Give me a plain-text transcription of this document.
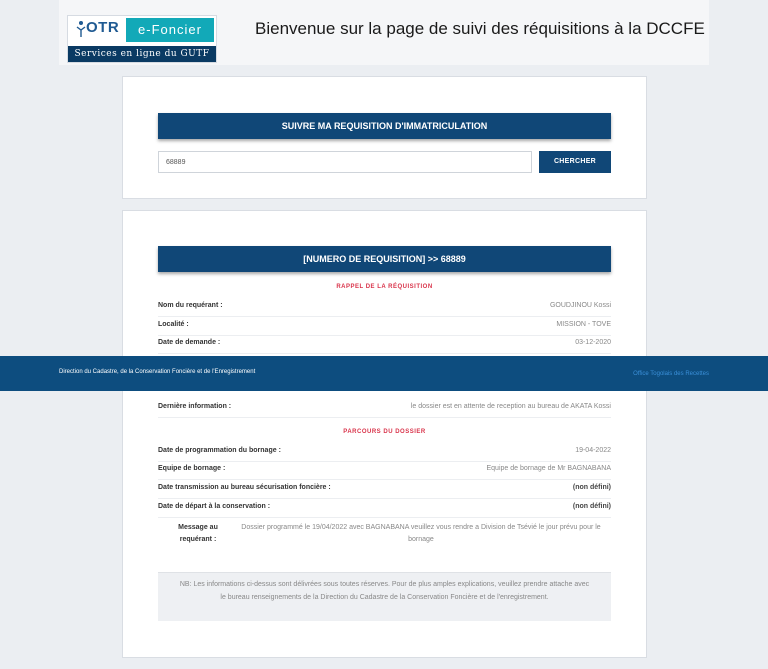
OTR	e-Foncier
Services en ligne du GUTF
Bienvenue sur la page de suivi des réquisitions à la DCCFE
SUIVRE MA REQUISITION D'IMMATRICULATION
68889
CHERCHER
[NUMERO DE REQUISITION] >> 68889
RAPPEL DE LA RÉQUISITION
Nom du requérant :	GOUDJINOU Kossi
Localité :	MISSION - TOVE
Date de demande :	03-12-2020
Dernière information :	le dossier est en attente de reception au bureau de AKATA Kossi
PARCOURS DU DOSSIER
Date de programmation du bornage :	19-04-2022
Equipe de bornage :	Equipe de bornage de Mr BAGNABANA
Date transmission au bureau sécurisation foncière :	(non défini)
Date de départ à la conservation :	(non défini)
Message au requérant :
Dossier programmé le 19/04/2022 avec BAGNABANA veuillez vous rendre a Division de Tsévié le jour prévu pour le bornage
NB: Les informations ci-dessus sont délivrées sous toutes réserves. Pour de plus amples explications, veuillez prendre attache avec le bureau renseignements de la Direction du Cadastre de la Conservation Foncière et de l'enregistrement.
Direction du Cadastre, de la Conservation Foncière et de l'Enregistrement	Office Togolais des Recettes
